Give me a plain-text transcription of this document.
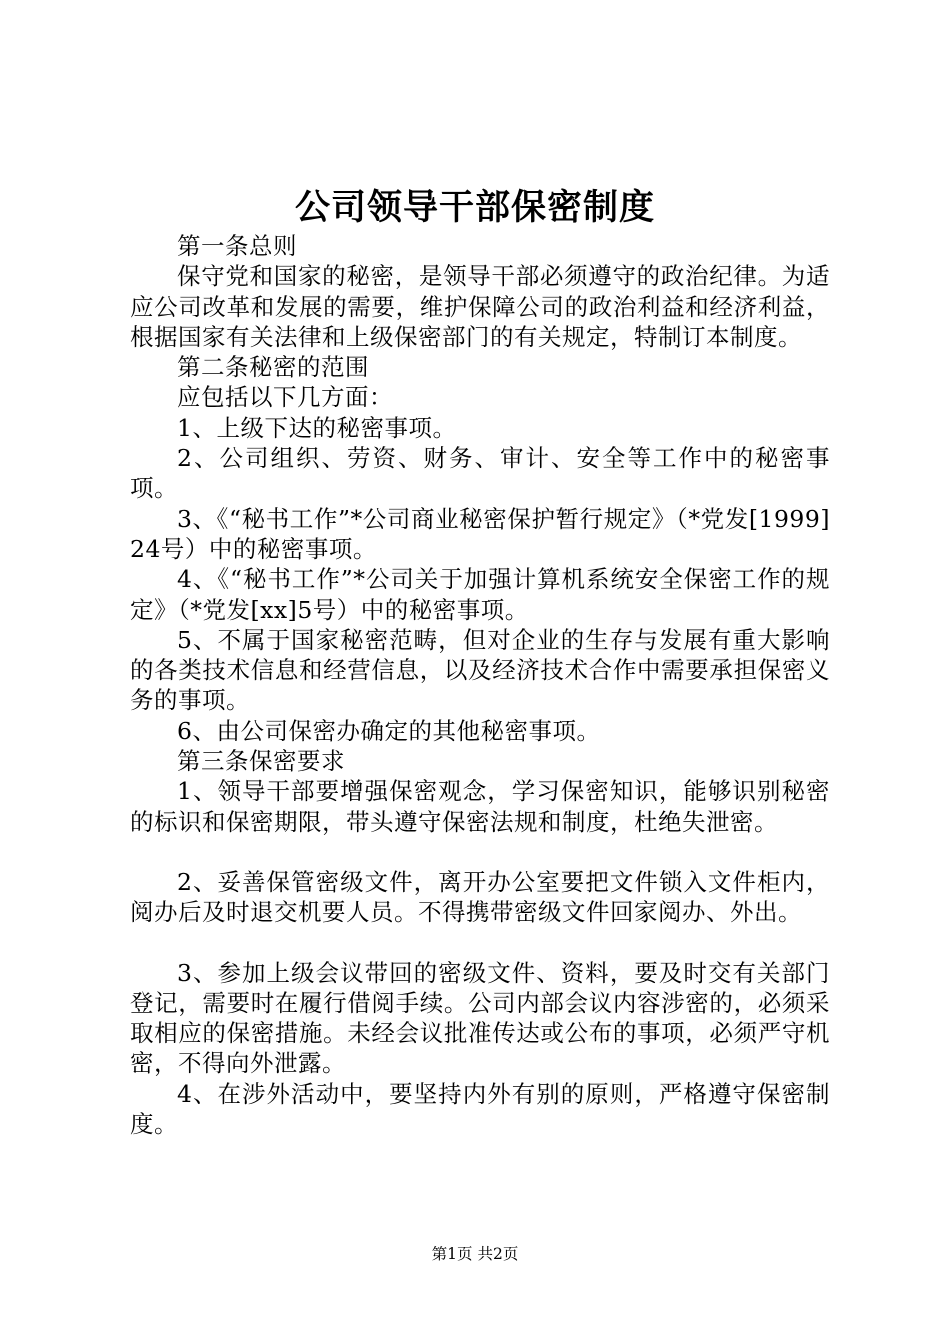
公司领导干部保密制度

第一条总则

保守党和国家的秘密，是领导干部必须遵守的政治纪律。为适应公司改革和发展的需要，维护保障公司的政治利益和经济利益，根据国家有关法律和上级保密部门的有关规定，特制订本制度。

第二条秘密的范围

应包括以下几方面：

1、上级下达的秘密事项。

2、公司组织、劳资、财务、审计、安全等工作中的秘密事项。

3、《“秘书工作”*公司商业秘密保护暂行规定》（*党发[1999]24号）中的秘密事项。

4、《“秘书工作”*公司关于加强计算机系统安全保密工作的规定》（*党发[xx]5号）中的秘密事项。

5、不属于国家秘密范畴，但对企业的生存与发展有重大影响的各类技术信息和经营信息，以及经济技术合作中需要承担保密义务的事项。

6、由公司保密办确定的其他秘密事项。

第三条保密要求

1、领导干部要增强保密观念，学习保密知识，能够识别秘密的标识和保密期限，带头遵守保密法规和制度，杜绝失泄密。

2、妥善保管密级文件，离开办公室要把文件锁入文件柜内，阅办后及时退交机要人员。不得携带密级文件回家阅办、外出。

3、参加上级会议带回的密级文件、资料，要及时交有关部门登记，需要时在履行借阅手续。公司内部会议内容涉密的，必须采取相应的保密措施。未经会议批准传达或公布的事项，必须严守机密，不得向外泄露。

4、在涉外活动中，要坚持内外有别的原则，严格遵守保密制度。

第1页 共2页
